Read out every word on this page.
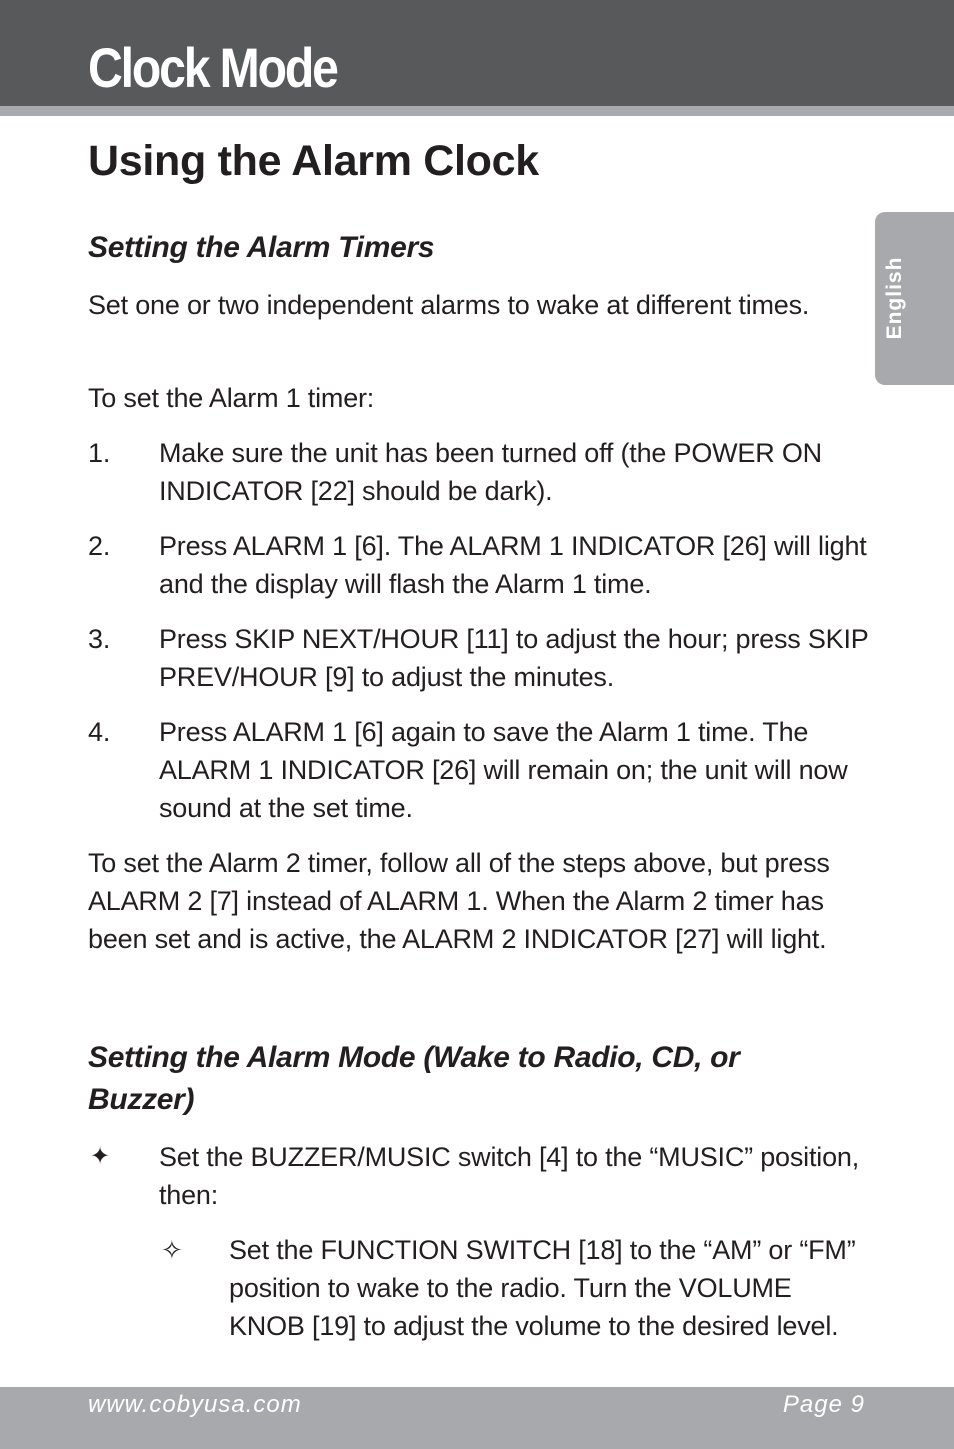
Clock Mode
English
Using the Alarm Clock
Setting the Alarm Timers

Set one or two independent alarms to wake at different times.

To set the Alarm 1 timer:

1. Make sure the unit has been turned off (the POWER ON INDICATOR [22] should be dark).
2. Press ALARM 1 [6]. The ALARM 1 INDICATOR [26] will light and the display will flash the Alarm 1 time.
3. Press SKIP NEXT/HOUR [11] to adjust the hour; press SKIP PREV/HOUR [9] to adjust the minutes.
4. Press ALARM 1 [6] again to save the Alarm 1 time. The ALARM 1 INDICATOR [26] will remain on; the unit will now sound at the set time.

To set the Alarm 2 timer, follow all of the steps above, but press ALARM 2 [7] instead of ALARM 1. When the Alarm 2 timer has been set and is active, the ALARM 2 INDICATOR [27] will light.

Setting the Alarm Mode (Wake to Radio, CD, or
Buzzer)
✦ Set the BUZZER/MUSIC switch [4] to the “MUSIC” position, then:
✧ Set the FUNCTION SWITCH [18] to the “AM” or “FM” position to wake to the radio. Turn the VOLUME KNOB [19] to adjust the volume to the desired level.

www.cobyusa.com	Page 9
